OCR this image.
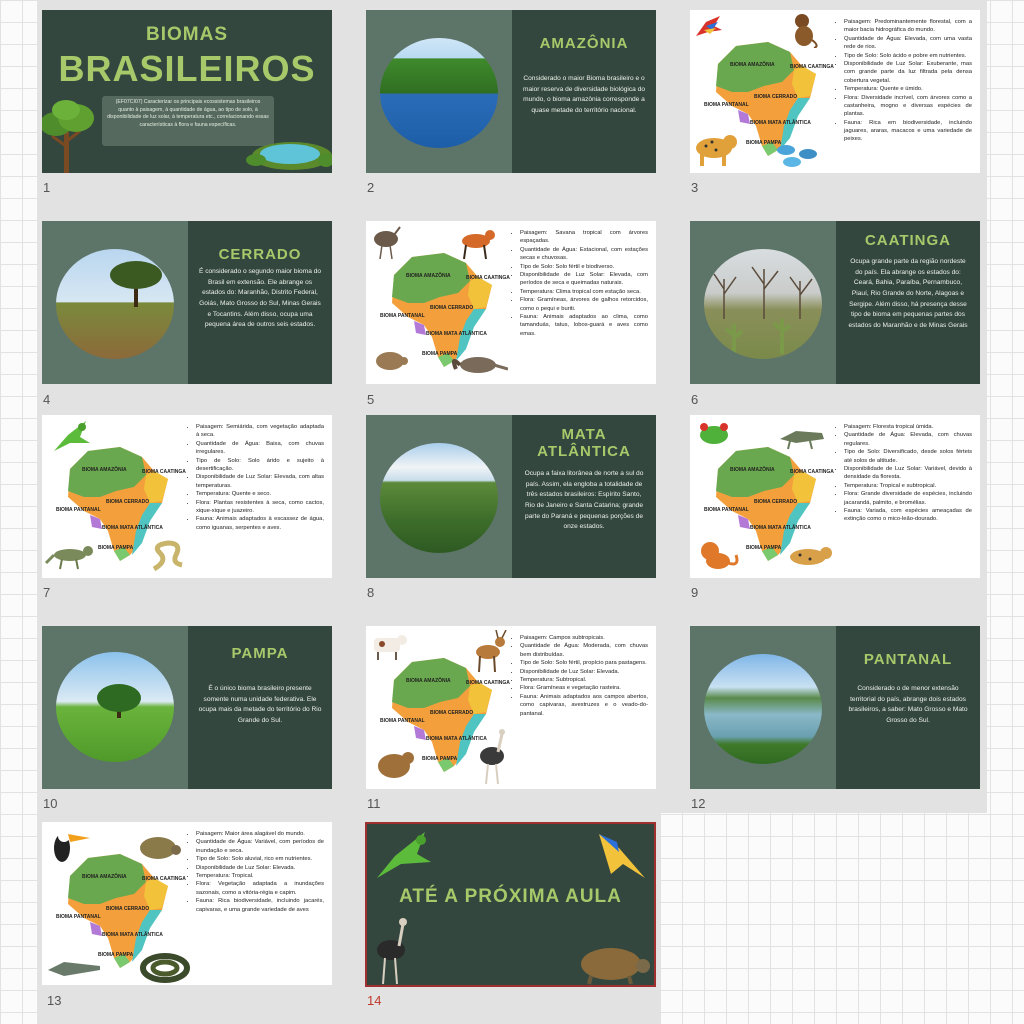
BIOMAS
BRASILEIROS
(EF07CI07) Caracterizar os principais ecossistemas brasileiros quanto à paisagem, à quantidade de água, ao tipo de solo, à disponibilidade de luz solar, à temperatura etc., correlacionando essas características à flora e fauna específicas.
1
AMAZÔNIA
Considerado o maior Bioma brasileiro e o maior reserva de diversidade biológica do mundo, o bioma amazônia corresponde a quase metade do território nacional.
2
BIOMA AMAZÔNIA	BIOMA CAATINGA
BIOMA PANTANAL
BIOMA CERRADO
BIOMA MATA ATLÂNTICA
BIOMA PAMPA
• Paisagem: Predominantemente florestal, com a maior bacia hidrográfica do mundo.
• Quantidade de Água: Elevada, com uma vasta rede de rios.
• Tipo de Solo: Solo ácido e pobre em nutrientes.
• Disponibilidade de Luz Solar: Exuberante, mas com grande parte da luz filtrada pela densa cobertura vegetal.
• Temperatura: Quente e úmido.
• Flora: Diversidade incrível, com árvores como a castanheira, mogno e diversas espécies de plantas.
• Fauna: Rica em biodiversidade, incluindo jaguares, araras, macacos e uma variedade de peixes.
3
CERRADO
É considerado o segundo maior bioma do Brasil em extensão. Ele abrange os estados do: Maranhão, Distrito Federal, Goiás, Mato Grosso do Sul, Minas Gerais e Tocantins. Além disso, ocupa uma pequena área de outros seis estados.
4
BIOMA AMAZÔNIA	BIOMA CAATINGA
BIOMA PANTANAL
BIOMA CERRADO
BIOMA MATA ATLÂNTICA
BIOMA PAMPA
• Paisagem: Savana tropical com árvores espaçadas.
• Quantidade de Água: Estacional, com estações secas e chuvosas.
• Tipo de Solo: Solo fértil e biodiverso.
• Disponibilidade de Luz Solar: Elevada, com períodos de seca e queimadas naturais.
• Temperatura: Clima tropical com estação seca.
• Flora: Gramíneas, árvores de galhos retorcidos, como o pequi e buriti.
• Fauna: Animais adaptados ao clima, como tamanduás, tatus, lobos-guará e aves como emas.
5
CAATINGA
Ocupa grande parte da região nordeste do país. Ela abrange os estados do: Ceará, Bahia, Paraíba, Pernambuco, Piauí, Rio Grande do Norte, Alagoas e Sergipe. Além disso, há presença desse tipo de bioma em pequenas partes dos estados do Maranhão e de Minas Gerais
6
BIOMA AMAZÔNIA	BIOMA CAATINGA
BIOMA PANTANAL
BIOMA CERRADO
BIOMA MATA ATLÂNTICA
BIOMA PAMPA
• Paisagem: Semiárida, com vegetação adaptada à seca.
• Quantidade de Água: Baixa, com chuvas irregulares.
• Tipo de Solo: Solo árido e sujeito à desertificação.
• Disponibilidade de Luz Solar: Elevada, com altas temperaturas.
• Temperatura: Quente e seco.
• Flora: Plantas resistentes à seca, como cactos, xique-xique e juazeiro.
• Fauna: Animais adaptados à escassez de água, como iguanas, serpentes e aves.
7
MATA ATLÂNTICA
Ocupa a faixa litorânea de norte a sul do país. Assim, ela engloba a totalidade de três estados brasileiros: Espírito Santo, Rio de Janeiro e Santa Catarina; grande parte do Paraná e pequenas porções de onze estados.
8
BIOMA AMAZÔNIA	BIOMA CAATINGA
BIOMA PANTANAL
BIOMA CERRADO
BIOMA MATA ATLÂNTICA
BIOMA PAMPA
• Paisagem: Floresta tropical úmida.
• Quantidade de Água: Elevada, com chuvas regulares.
• Tipo de Solo: Diversificado, desde solos férteis até solos de altitude.
• Disponibilidade de Luz Solar: Variável, devido à densidade da floresta.
• Temperatura: Tropical e subtropical.
• Flora: Grande diversidade de espécies, incluindo jacarandá, palmito, e bromélias.
• Fauna: Variada, com espécies ameaçadas de extinção como o mico-leão-dourado.
9
PAMPA
É o único bioma brasileiro presente somente numa unidade federativa. Ele ocupa mais da metade do território do Rio Grande do Sul.
10
BIOMA AMAZÔNIA	BIOMA CAATINGA
BIOMA PANTANAL
BIOMA CERRADO
BIOMA MATA ATLÂNTICA
BIOMA PAMPA
• Paisagem: Campos subtropicais.
• Quantidade de Água: Moderada, com chuvas bem distribuídas.
• Tipo de Solo: Solo fértil, propício para pastagens.
• Disponibilidade de Luz Solar: Elevada.
• Temperatura: Subtropical.
• Flora: Gramíneas e vegetação rasteira.
• Fauna: Animais adaptados aos campos abertos, como capivaras, avestruzes e o veado-do-pantanal.
11
PANTANAL
Considerado o de menor extensão territorial do país, abrange dois estados brasileiros, a saber: Mato Grosso e Mato Grosso do Sul.
12
BIOMA AMAZÔNIA	BIOMA CAATINGA
BIOMA PANTANAL
BIOMA CERRADO
BIOMA MATA ATLÂNTICA
BIOMA PAMPA
• Paisagem: Maior área alagável do mundo.
• Quantidade de Água: Variável, com períodos de inundação e seca.
• Tipo de Solo: Solo aluvial, rico em nutrientes.
• Disponibilidade de Luz Solar: Elevada.
• Temperatura: Tropical.
• Flora: Vegetação adaptada a inundações sazonais, como a vitória-régia e capim.
• Fauna: Rica biodiversidade, incluindo jacarés, capivaras, e uma grande variedade de aves
13
ATÉ A PRÓXIMA AULA
14
